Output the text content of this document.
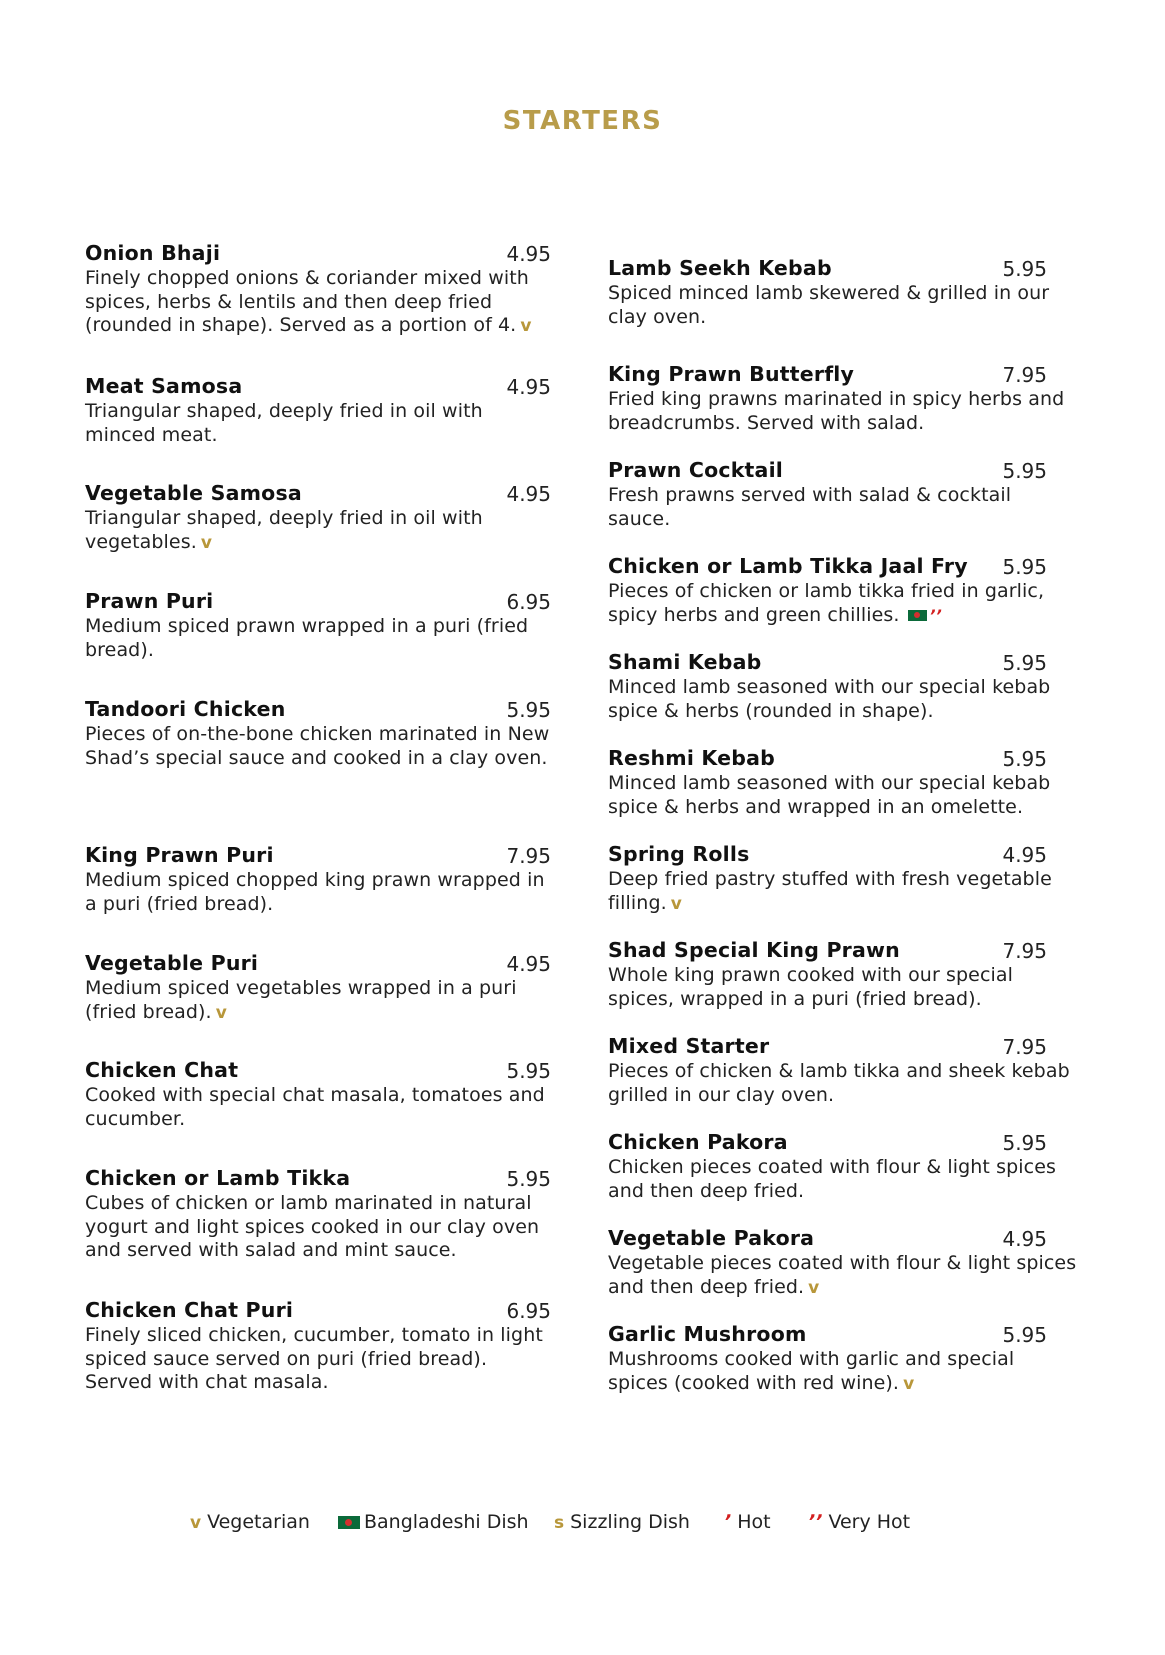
STARTERS
Onion Bhaji	4.95
Finely chopped onions & coriander mixed with spices, herbs & lentils and then deep fried (rounded in shape). Served as a portion of 4. v
Meat Samosa	4.95
Triangular shaped, deeply fried in oil with minced meat.
Vegetable Samosa	4.95
Triangular shaped, deeply fried in oil with vegetables. v
Prawn Puri	6.95
Medium spiced prawn wrapped in a puri (fried bread).
Tandoori Chicken	5.95
Pieces of on-the-bone chicken marinated in New Shad’s special sauce and cooked in a clay oven.
King Prawn Puri	7.95
Medium spiced chopped king prawn wrapped in a puri (fried bread).
Vegetable Puri	4.95
Medium spiced vegetables wrapped in a puri (fried bread). v
Chicken Chat	5.95
Cooked with special chat masala, tomatoes and cucumber.
Chicken or Lamb Tikka	5.95
Cubes of chicken or lamb marinated in natural yogurt and light spices cooked in our clay oven and served with salad and mint sauce.
Chicken Chat Puri	6.95
Finely sliced chicken, cucumber, tomato in light spiced sauce served on puri (fried bread). Served with chat masala.
Lamb Seekh Kebab	5.95
Spiced minced lamb skewered & grilled in our clay oven.
King Prawn Butterfly	7.95
Fried king prawns marinated in spicy herbs and breadcrumbs. Served with salad.
Prawn Cocktail	5.95
Fresh prawns served with salad & cocktail sauce.
Chicken or Lamb Tikka Jaal Fry 5.95
Pieces of chicken or lamb tikka fried in garlic, spicy herbs and green chillies. ʼʼ
Shami Kebab	5.95
Minced lamb seasoned with our special kebab spice & herbs (rounded in shape).
Reshmi Kebab	5.95
Minced lamb seasoned with our special kebab spice & herbs and wrapped in an omelette.
Spring Rolls	4.95
Deep fried pastry stuffed with fresh vegetable filling. v
Shad Special King Prawn	7.95
Whole king prawn cooked with our special spices, wrapped in a puri (fried bread).
Mixed Starter	7.95
Pieces of chicken & lamb tikka and sheek kebab grilled in our clay oven.
Chicken Pakora	5.95
Chicken pieces coated with flour & light spices and then deep fried.
Vegetable Pakora	4.95
Vegetable pieces coated with flour & light spices and then deep fried. v
Garlic Mushroom	5.95
Mushrooms cooked with garlic and special spices (cooked with red wine). v
v Vegetarian	Bangladeshi Dish s Sizzling Dish ʼ Hot ʼʼ Very Hot
